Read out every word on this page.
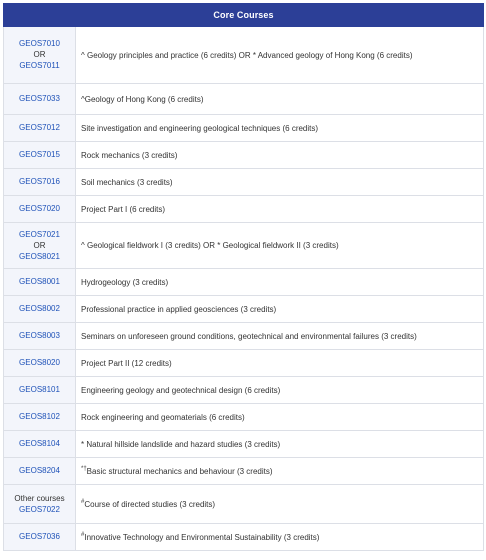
Core Courses	

GEOS7010
OR
GEOS7011	^ Geology principles and practice (6 credits) OR * Advanced geology of Hong Kong (6 credits)

GEOS7033	^Geology of Hong Kong (6 credits)

GEOS7012	Site investigation and engineering geological techniques (6 credits)

GEOS7015	Rock mechanics (3 credits)

GEOS7016	Soil mechanics (3 credits)

GEOS7020	Project Part I (6 credits)

GEOS7021
OR
GEOS8021	^ Geological fieldwork I (3 credits) OR * Geological fieldwork II (3 credits)

GEOS8001	Hydrogeology (3 credits)

GEOS8002	Professional practice in applied geosciences (3 credits)

GEOS8003	Seminars on unforeseen ground conditions, geotechnical and environmental failures (3 credits)

GEOS8020	Project Part II (12 credits)

GEOS8101	Engineering geology and geotechnical design (6 credits)

GEOS8102	Rock engineering and geomaterials (6 credits)

GEOS8104	* Natural hillside landslide and hazard studies (3 credits)

GEOS8204	*†Basic structural mechanics and behaviour (3 credits)

Other courses
GEOS7022	#Course of directed studies (3 credits)

GEOS7036	#Innovative Technology and Environmental Sustainability (3 credits)
